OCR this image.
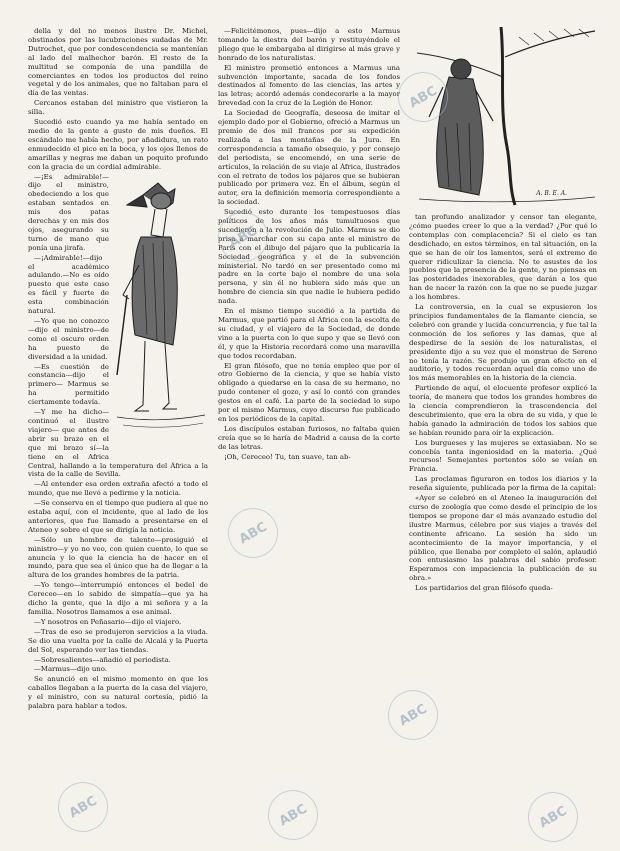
della y del no menos ilustre Dr. Michel, obstinados por las lucubraciones sudadas de Mr. Dutrochet, que por condescendencia se mantenían al lado del malhechor barón. El resto de la multitud se componía de una pandilla de comerciantes en todos los productos del reino vegetal y de los animales, que no faltaban para el día de las ventas.

Cercanos estaban del ministro que vistieron la silla.

Sucedió esto cuando ya me había sentado en medio de la gente a gusto de mis dueños. El escándalo me había hecho, por añadidura, un rato enmudecido el pico en la boca, y los ojos llenos de amarillas y negras me daban un poquito profundo con la gracia de un cordial admirable.

—¡Es admirable!—dijo el ministro, obedeciendo a los que estaban sentados en mis dos patas derechas y en mis dos ojos, asegurando su turno de mano que ponía una jirafa.

—¡Admirable!—dijo el académico adulando.—No es oído puesto que este caso es fácil y fuerte de esta combinación natural.

—Yo que no conozco—dijo el ministro—de como el oscuro orden ha puesto de diversidad a la unidad.

—Es cuestión de constancia—dijo el primero— Marmus se ha permitido ciertamente todavía.

—Y me ha dicho—continuó el ilustre viajero— que antes de abrir su brazo en el que mi brazo sí—la tiene en el Africa Central, hallando a la temperatura del África a la vista de la calle de Sevilla.

—Al entender esa orden extraña afectó a todo el mundo, que me llevó a pedirme y la noticia.

—Se conserva en el tiempo que pudiera al que no estaba aquí, con el incidente, que al lado de los anteriores, que fue llamado a presentarse en el Ateneo y sobre el que se dirigía la noticia.

—Sólo un hombre de talento—prosiguió el ministro—y yo no veo, con quien cuento, lo que se anuncia y lo que la ciencia ha de hacer en el mundo, para que sea el único que ha de llegar a la altura de los grandes hombres de la patria.

—Yo tengo—interrumpió entonces el bedel de Cereceo—en lo sabido de simpatía—que ya ha dicho la gente, que la dijo a mi señora y a la familia. Nosotros llamamos a ese animal.

—Y nosotros en Peñasario—dijo el viajero.

—Tras de eso se produjeron servicios a la viuda. Se dio una vuelta por la calle de Alcalá y la Puerta del Sol, esperando ver las tiendas.

—Sobresalientes—añadió el periodista.

—Marmus—dijo uno.

Se anunció en el mismo momento en que los caballos llegaban a la puerta de la casa del viajero, y el ministro, con su natural cortesía, pidió la palabra para hablar a todos.

—Felicitémonos, pues—dijo a esto Marmus tomando la diestra del barón y restituyéndole el pliego que le embargaba al dirigirse al más grave y honrado de los naturalistas.

El ministro prometió entonces a Marmus una subvención importante, sacada de los fondos destinados al fomento de las ciencias, las artes y las letras; acordó además condecorarle a la mayor brevedad con la cruz de la Legión de Honor.

La Sociedad de Geografía, deseosa de imitar el ejemplo dado por el Gobierno, ofreció a Marmus un premio de dos mil francos por su expedición realizada a las montañas de la Jura. En correspondencia a tamaño obsequio, y por consejo del periodista, se encomendó, en una serie de artículos, la relación de su viaje al África, ilustrados con el retrato de todos los pájaros que se hubieran publicado por primera vez. En el álbum, según el autor, era la definición memoria correspondiente a la sociedad.

Sucedió esto durante los tempestuosos días políticos de los años más tumultuosos que sucedieron a la revolución de Julio. Marmus se dio prisa a marchar con su capa ante el ministro de París con el dibujo del pájaro que la publicaría la Sociedad geográfica y el de la subvención ministerial. No tardó en ser presentado como mi padre en la corte bajo el nombre de una sola persona, y sin él no hubiera sido más que un hombre de ciencia sin que nadie le hubiera pedido nada.

En el mismo tiempo sucedió a la partida de Marmus, que partió para el África con la escolta de su ciudad, y el viajero de la Sociedad, de donde vino a la puerta con lo que supo y que se llevó con él, y que la Historia recordará como una maravilla que todos recordaban.

El gran filósofo, que no tenía empleo que por el otro Gobierno de la ciencia, y que se había visto obligado a quedarse en la casa de su hermano, no pudo contener el gozo, y así lo contó con grandes gestos en el café. La parte de la sociedad lo supo por el mismo Marmus, cuyo discurso fue publicado en los periódicos de la capital.

Los discípulos estaban furiosos, no faltaba quien creía que se le haría de Madrid a causa de la corte de las letras.

¡Oh, Cereceo! Tu, tan suave, tan ab-

A. B. E. A.

tan profundo analizador y censor tan elegante, ¿cómo puedes creer lo que a la verdad? ¿Por qué lo contemplas con complacencia? Si el cielo es tan desdichado, en estos términos, en tal situación, en la que se han de oír los lamentos, será el extremo de querer ridiculizar la ciencia. No te asustes de los pueblos que la presencia de la gente, y no piensas en las posteridades inexorables, que darán a los que han de nacer la razón con la que no se puede juzgar a los hombres.

La controversia, en la cual se expusieron los principios fundamentales de la flamante ciencia, se celebró con grande y lucida concurrencia, y fue tal la conmoción de los señores y las damas, que al despedirse de la sesión de los naturalistas, el presidente dijo a su vez que el monstruo de Sereno no tenía la razón. Se produjo un gran efecto en el auditorio, y todos recuerdan aquel día como uno de los más memorables en la historia de la ciencia.

Partiendo de aquí, el elocuente profesor explicó la teoría, de manera que todos los grandes hombres de la ciencia comprendieron la trascendencia del descubrimiento, que era la obra de su vida, y que le había ganado la admiración de todos los sabios que se habían reunido para oír la explicación.

Los burgueses y las mujeres se extasiaban. No se concebía tanta ingeniosidad en la materia. ¿Qué recursos! Semejantes portentos sólo se veían en Francia.

Las proclamas figuraron en todos los diarios y la reseña siguiente, publicada por la firma de la capital:

«Ayer se celebró en el Ateneo la inauguración del curso de zoología que como desde el principio de los tiempos se propone dar el más avanzado estudio del ilustre Marmus, célebre por sus viajes a través del continente africano. La sesión ha sido un acontecimiento de la mayor importancia, y el público, que llenaba por completo el salón, aplaudió con entusiasmo las palabras del sabio profesor. Esperamos con impaciencia la publicación de su obra.»

Los partidarios del gran filósofo queda-

ABC
ABC
ABC
ABC	ABC	ABC
ABC
